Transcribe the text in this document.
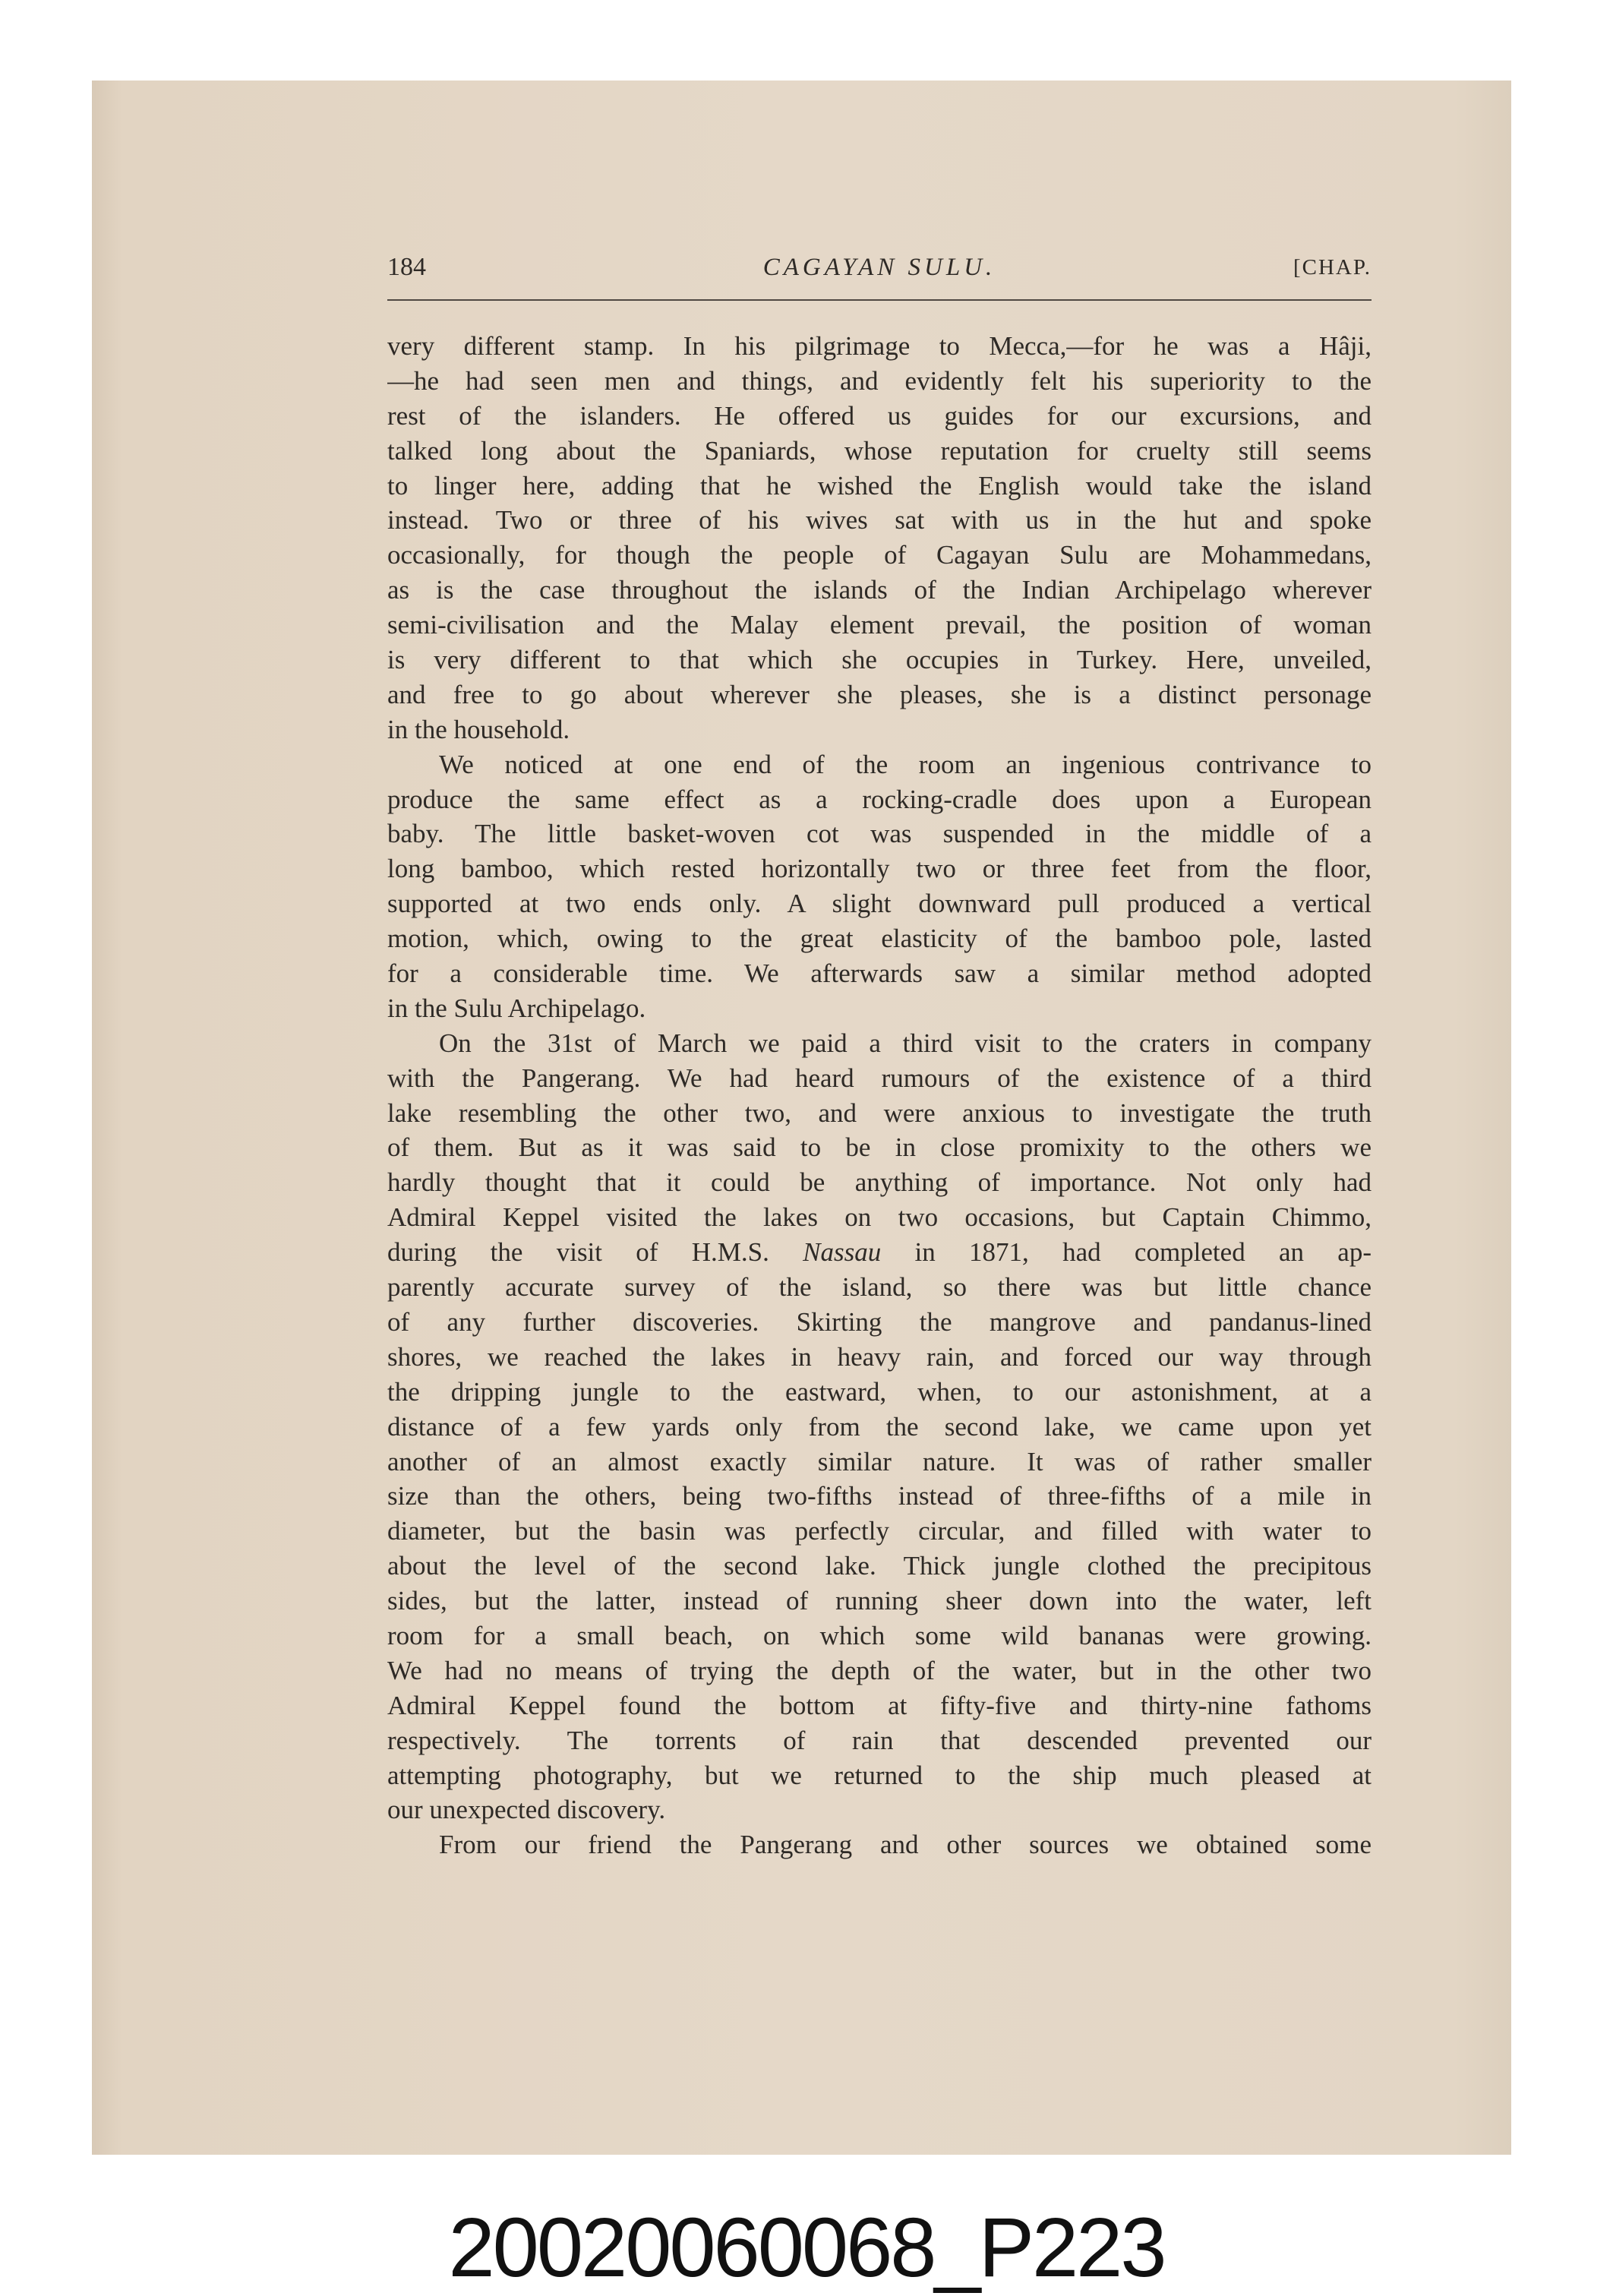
184	CAGAYAN SULU.	[CHAP.
very different stamp. In his pilgrimage to Mecca,—for he was a Hâji,
—he had seen men and things, and evidently felt his superiority to the
rest of the islanders. He offered us guides for our excursions, and
talked long about the Spaniards, whose reputation for cruelty still seems
to linger here, adding that he wished the English would take the island
instead. Two or three of his wives sat with us in the hut and spoke
occasionally, for though the people of Cagayan Sulu are Mohammedans,
as is the case throughout the islands of the Indian Archipelago wherever
semi-civilisation and the Malay element prevail, the position of woman
is very different to that which she occupies in Turkey. Here, unveiled,
and free to go about wherever she pleases, she is a distinct personage
in the household.
We noticed at one end of the room an ingenious contrivance to
produce the same effect as a rocking-cradle does upon a European
baby. The little basket-woven cot was suspended in the middle of a
long bamboo, which rested horizontally two or three feet from the floor,
supported at two ends only. A slight downward pull produced a vertical
motion, which, owing to the great elasticity of the bamboo pole, lasted
for a considerable time. We afterwards saw a similar method adopted
in the Sulu Archipelago.
On the 31st of March we paid a third visit to the craters in company
with the Pangerang. We had heard rumours of the existence of a third
lake resembling the other two, and were anxious to investigate the truth
of them. But as it was said to be in close promixity to the others we
hardly thought that it could be anything of importance. Not only had
Admiral Keppel visited the lakes on two occasions, but Captain Chimmo,
during the visit of H.M.S. Nassau in 1871, had completed an ap-
parently accurate survey of the island, so there was but little chance
of any further discoveries. Skirting the mangrove and pandanus-lined
shores, we reached the lakes in heavy rain, and forced our way through
the dripping jungle to the eastward, when, to our astonishment, at a
distance of a few yards only from the second lake, we came upon yet
another of an almost exactly similar nature. It was of rather smaller
size than the others, being two-fifths instead of three-fifths of a mile in
diameter, but the basin was perfectly circular, and filled with water to
about the level of the second lake. Thick jungle clothed the precipitous
sides, but the latter, instead of running sheer down into the water, left
room for a small beach, on which some wild bananas were growing.
We had no means of trying the depth of the water, but in the other two
Admiral Keppel found the bottom at fifty-five and thirty-nine fathoms
respectively. The torrents of rain that descended prevented our
attempting photography, but we returned to the ship much pleased at
our unexpected discovery.
From our friend the Pangerang and other sources we obtained some
20020060068_P223
